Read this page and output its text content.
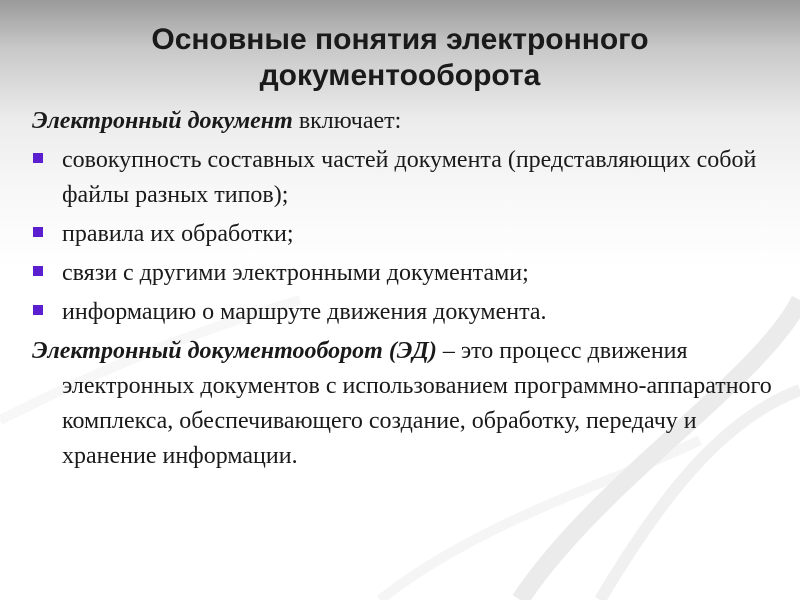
Основные понятия электронного
документооборота
Электронный документ включает:
совокупность составных частей документа (представляющих собой файлы разных типов);
правила их обработки;
связи с другими электронными документами;
информацию о маршруте движения документа.
Электронный документооборот (ЭД) – это процесс движения электронных документов с использованием программно-аппаратного комплекса, обеспечивающего создание, обработку, передачу и хранение информации.
